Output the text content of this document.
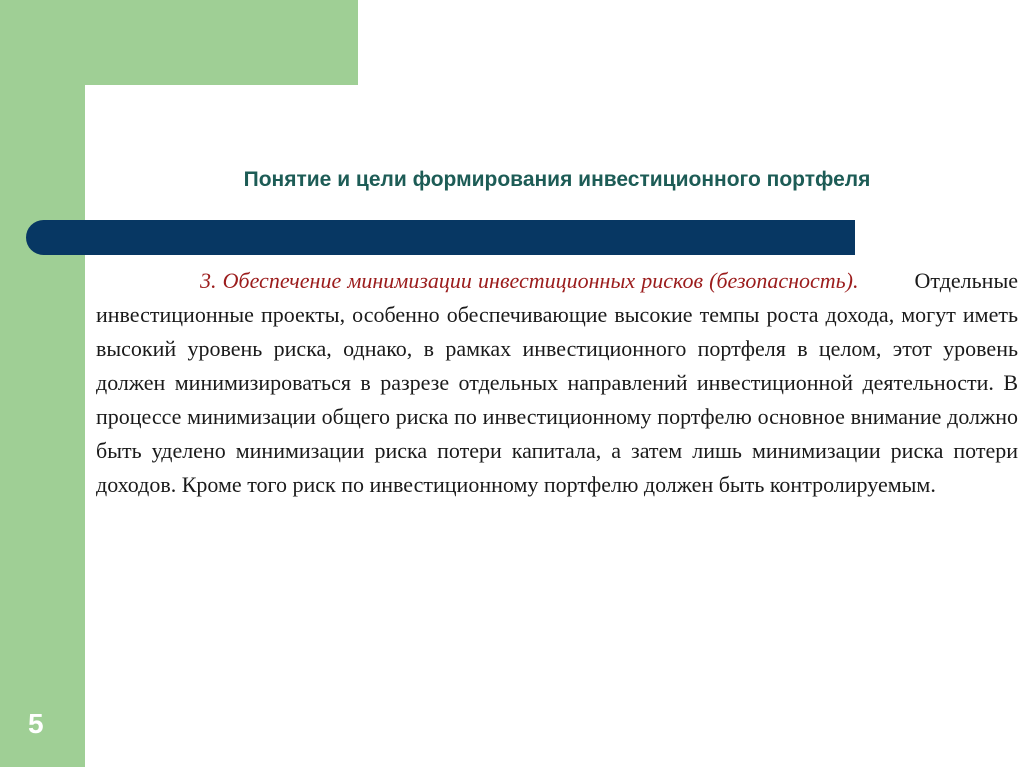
Понятие и цели формирования инвестиционного портфеля

3. Обеспечение минимизации инвестиционных рисков (безопасность).	Отдельные инвестиционные проекты, особенно обеспечивающие высокие темпы роста дохода, могут иметь высокий уровень риска, однако, в рамках инвестиционного портфеля в целом, этот уровень должен минимизироваться в разрезе отдельных направлений инвестиционной деятельности. В процессе минимизации общего риска по инвестиционному портфелю основное внимание должно быть уделено минимизации риска потери капитала, а затем лишь минимизации риска потери доходов. Кроме того риск по инвестиционному портфелю должен быть контролируемым.

5
